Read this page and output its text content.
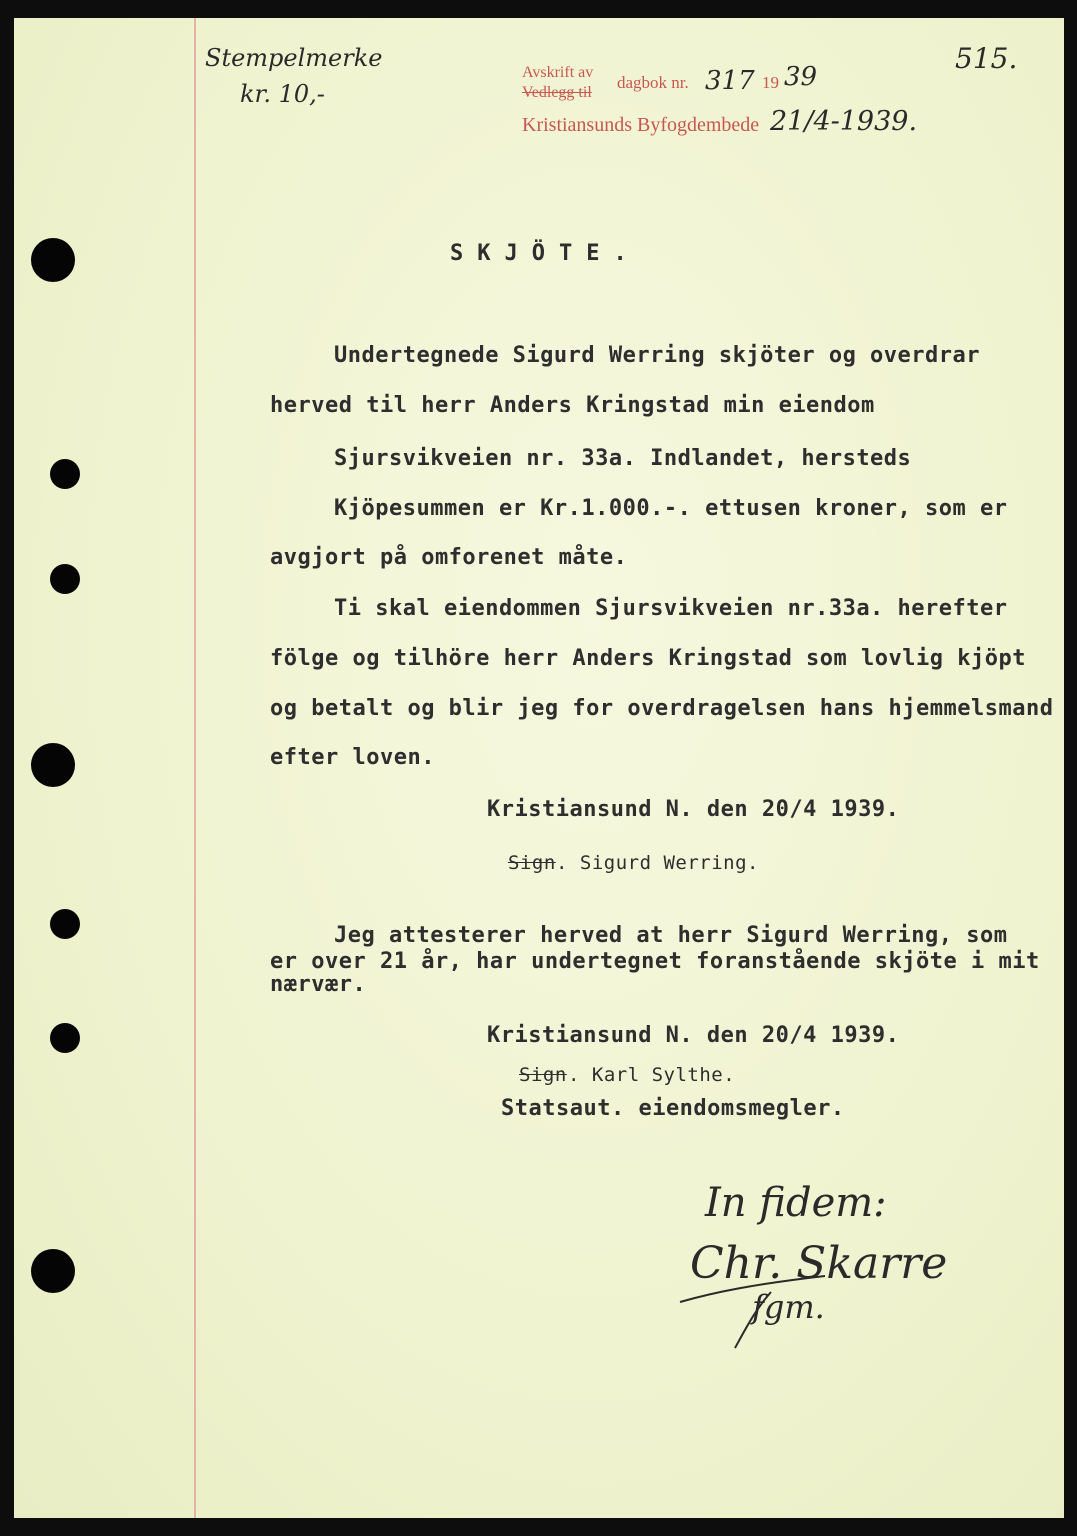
Stempelmerke
kr. 10,-
515.
Avskrift av
Vedlegg til
dagbok nr. 317 19 39
Kristiansunds Byfogdembede 21/4-1939.
SKJÖTE.
Undertegnede Sigurd Werring skjöter og overdrar
herved til herr Anders Kringstad min eiendom
Sjursvikveien nr. 33a. Indlandet, hersteds
Kjöpesummen er Kr.1.000.-. ettusen kroner, som er
avgjort på omforenet måte.
Ti skal eiendommen Sjursvikveien nr.33a. herefter
fölge og tilhöre herr Anders Kringstad som lovlig kjöpt
og betalt og blir jeg for overdragelsen hans hjemmelsmand
efter loven.
Kristiansund N. den 20/4 1939.
Sign . Sigurd Werring.
Jeg attesterer herved at herr Sigurd Werring, som
er over 21 år, har undertegnet foranstående skjöte i mit
nærvær.
Kristiansund N. den 20/4 1939.
Sign . Karl Sylthe.
Statsaut. eiendomsmegler.
In fidem:
Chr. Skarre
fgm.
